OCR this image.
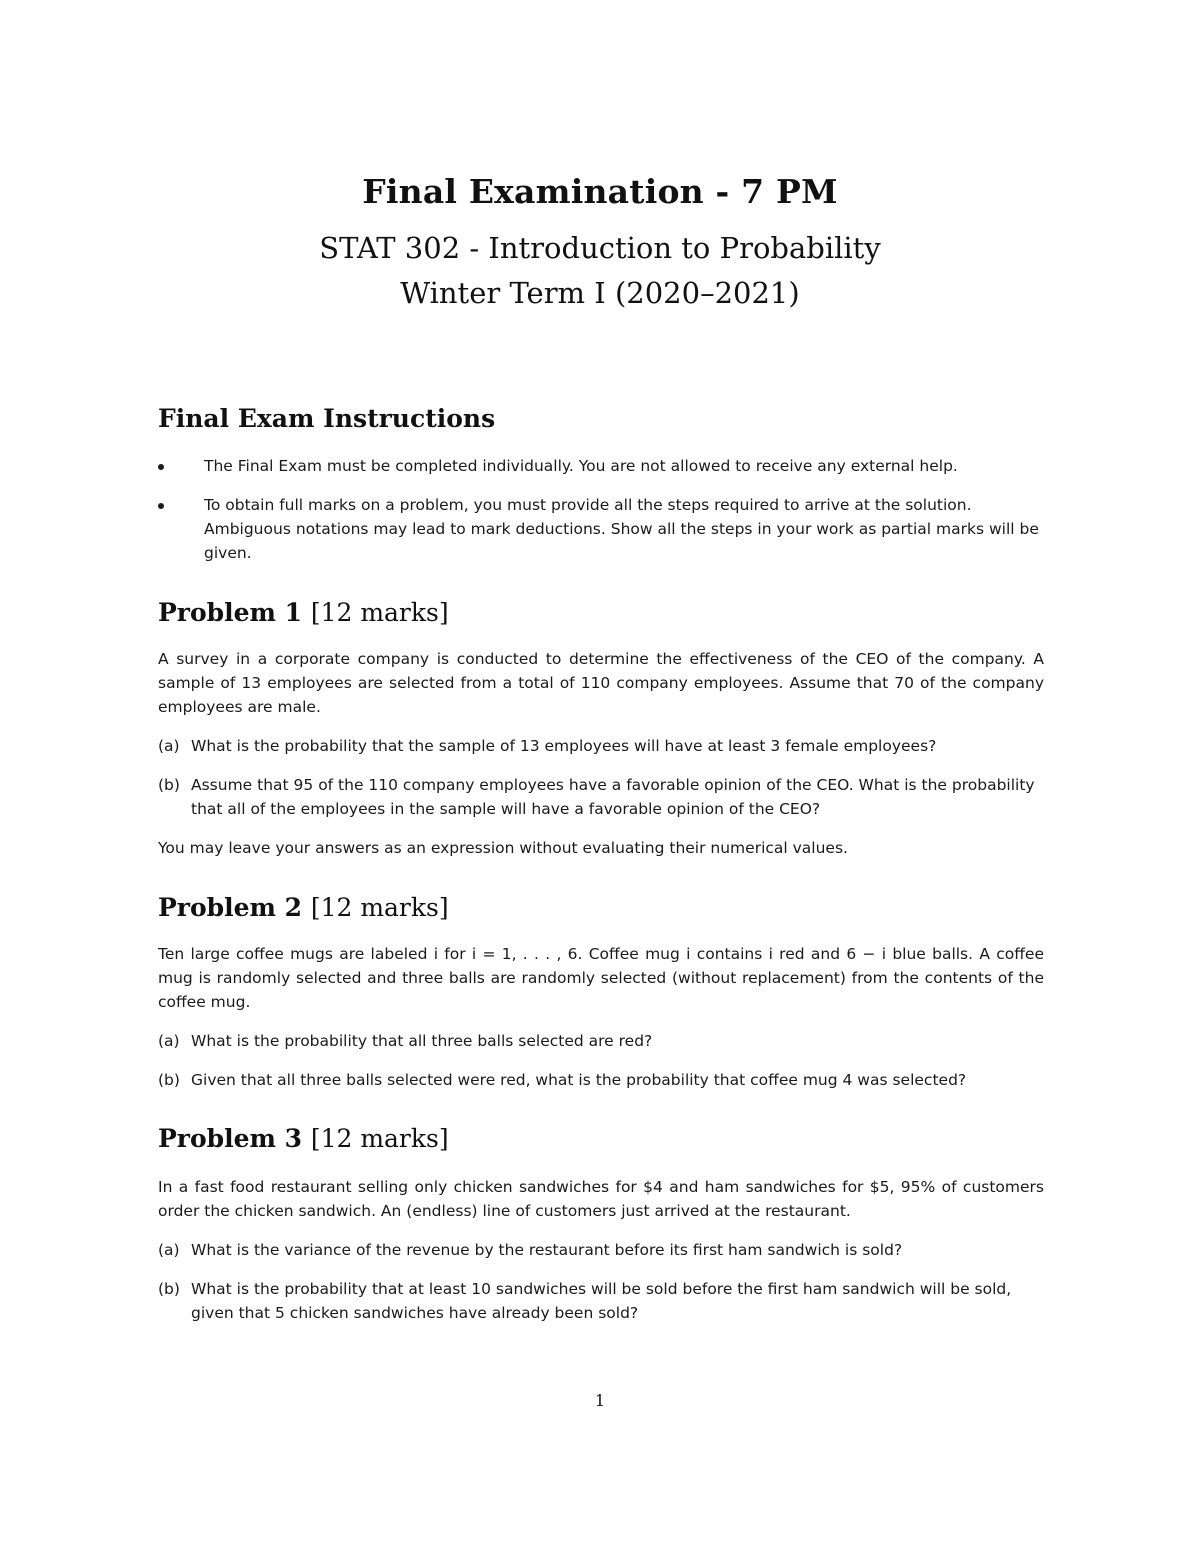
Final Examination - 7 PM
STAT 302 - Introduction to Probability
Winter Term I (2020–2021)
Final Exam Instructions
The Final Exam must be completed individually. You are not allowed to receive any external help.
To obtain full marks on a problem, you must provide all the steps required to arrive at the solution. Ambiguous notations may lead to mark deductions. Show all the steps in your work as partial marks will be given.
Problem 1 [12 marks]
A survey in a corporate company is conducted to determine the effectiveness of the CEO of the company. A sample of 13 employees are selected from a total of 110 company employees. Assume that 70 of the company employees are male.
(a) What is the probability that the sample of 13 employees will have at least 3 female employees?
(b) Assume that 95 of the 110 company employees have a favorable opinion of the CEO. What is the probability that all of the employees in the sample will have a favorable opinion of the CEO?
You may leave your answers as an expression without evaluating their numerical values.
Problem 2 [12 marks]
Ten large coffee mugs are labeled i for i = 1, . . . , 6. Coffee mug i contains i red and 6 − i blue balls. A coffee mug is randomly selected and three balls are randomly selected (without replacement) from the contents of the coffee mug.
(a) What is the probability that all three balls selected are red?
(b) Given that all three balls selected were red, what is the probability that coffee mug 4 was selected?
Problem 3 [12 marks]
In a fast food restaurant selling only chicken sandwiches for $4 and ham sandwiches for $5, 95% of customers order the chicken sandwich. An (endless) line of customers just arrived at the restaurant.
(a) What is the variance of the revenue by the restaurant before its first ham sandwich is sold?
(b) What is the probability that at least 10 sandwiches will be sold before the first ham sandwich will be sold, given that 5 chicken sandwiches have already been sold?
1
